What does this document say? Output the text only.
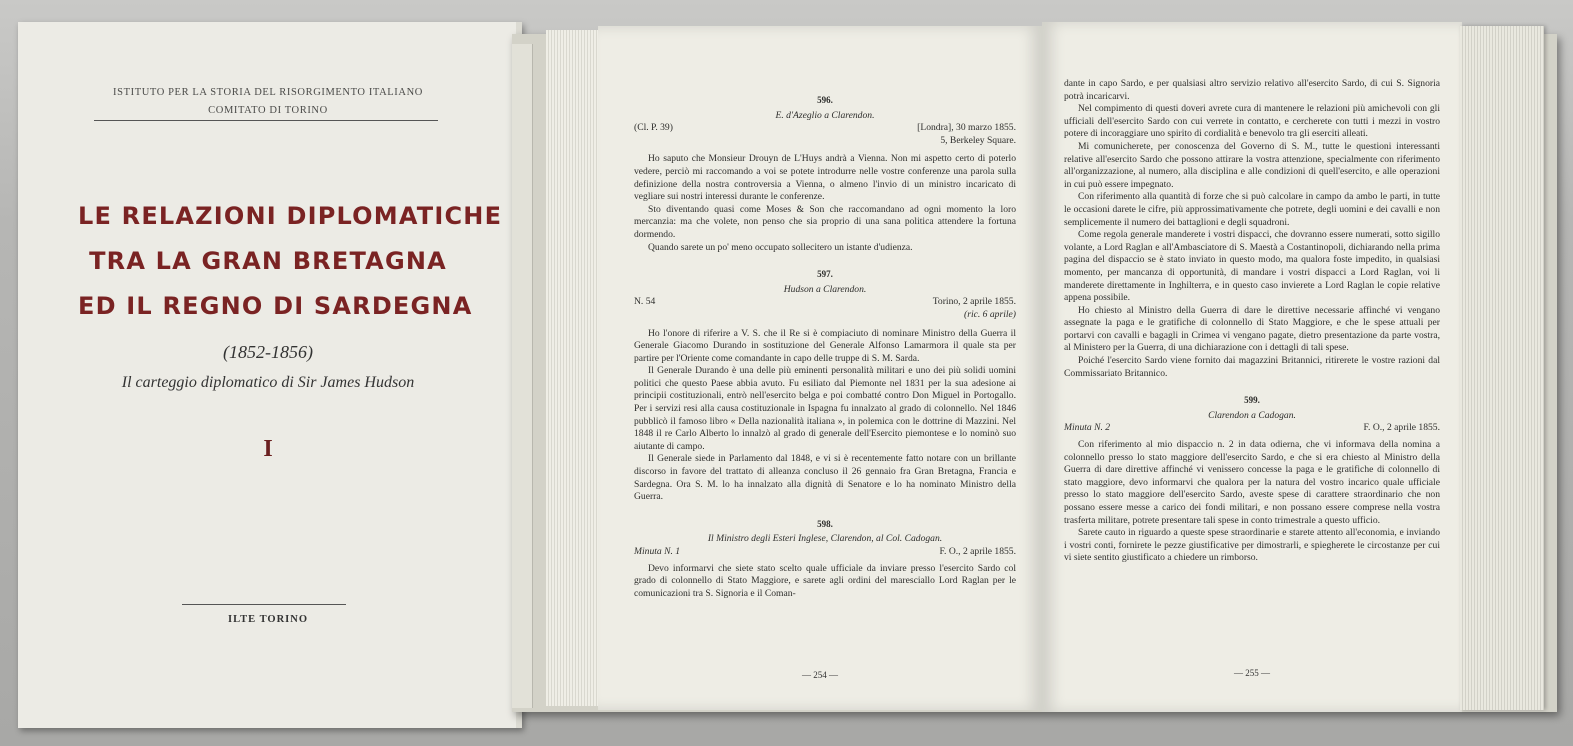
ISTITUTO PER LA STORIA DEL RISORGIMENTO ITALIANO
COMITATO DI TORINO
LE RELAZIONI DIPLOMATICHE
TRA LA GRAN BRETAGNA
ED IL REGNO DI SARDEGNA
(1852-1856)
Il carteggio diplomatico di Sir James Hudson
I
ILTE TORINO

596.

E. d'Azeglio a Clarendon.

(Cl. P. 39)	[Londra], 30 marzo 1855.

5, Berkeley Square.

Ho saputo che Monsieur Drouyn de L'Huys andrà a Vienna. Non mi aspetto certo di poterlo vedere, perciò mi raccomando a voi se potete introdurre nelle vostre conferenze una parola sulla definizione della nostra controversia a Vienna, o almeno l'invio di un ministro incaricato di vegliare sui nostri interessi durante le conferenze.

Sto diventando quasi come Moses & Son che raccomandano ad ogni momento la loro mercanzia: ma che volete, non penso che sia proprio di una sana politica attendere la fortuna dormendo.

Quando sarete un po' meno occupato sollecitero un istante d'udienza.

597.

Hudson a Clarendon.

N. 54	Torino, 2 aprile 1855.

(ric. 6 aprile)

Ho l'onore di riferire a V. S. che il Re si è compiaciuto di nominare Ministro della Guerra il Generale Giacomo Durando in sostituzione del Generale Alfonso Lamarmora il quale sta per partire per l'Oriente come comandante in capo delle truppe di S. M. Sarda.

Il Generale Durando è una delle più eminenti personalità militari e uno dei più solidi uomini politici che questo Paese abbia avuto. Fu esiliato dal Piemonte nel 1831 per la sua adesione ai principii costituzionali, entrò nell'esercito belga e poi combatté contro Don Miguel in Portogallo. Per i servizi resi alla causa costituzionale in Ispagna fu innalzato al grado di colonnello. Nel 1846 pubblicò il famoso libro « Della nazionalità italiana », in polemica con le dottrine di Mazzini. Nel 1848 il re Carlo Alberto lo innalzò al grado di generale dell'Esercito piemontese e lo nominò suo aiutante di campo.

Il Generale siede in Parlamento dal 1848, e vi si è recentemente fatto notare con un brillante discorso in favore del trattato di alleanza concluso il 26 gennaio fra Gran Bretagna, Francia e Sardegna. Ora S. M. lo ha innalzato alla dignità di Senatore e lo ha nominato Ministro della Guerra.

598.

Il Ministro degli Esteri Inglese, Clarendon, al Col. Cadogan.

Minuta N. 1	F. O., 2 aprile 1855.

Devo informarvi che siete stato scelto quale ufficiale da inviare presso l'esercito Sardo col grado di colonnello di Stato Maggiore, e sarete agli ordini del maresciallo Lord Raglan per le comunicazioni tra S. Signoria e il Coman-

— 254 —

dante in capo Sardo, e per qualsiasi altro servizio relativo all'esercito Sardo, di cui S. Signoria potrà incaricarvi.

Nel compimento di questi doveri avrete cura di mantenere le relazioni più amichevoli con gli ufficiali dell'esercito Sardo con cui verrete in contatto, e cercherete con tutti i mezzi in vostro potere di incoraggiare uno spirito di cordialità e benevolo tra gli eserciti alleati.

Mi comunicherete, per conoscenza del Governo di S. M., tutte le questioni interessanti relative all'esercito Sardo che possono attirare la vostra attenzione, specialmente con riferimento all'organizzazione, al numero, alla disciplina e alle condizioni di quell'esercito, e alle operazioni in cui può essere impegnato.

Con riferimento alla quantità di forze che si può calcolare in campo da ambo le parti, in tutte le occasioni darete le cifre, più approssimativamente che potrete, degli uomini e dei cavalli e non semplicemente il numero dei battaglioni e degli squadroni.

Come regola generale manderete i vostri dispacci, che dovranno essere numerati, sotto sigillo volante, a Lord Raglan e all'Ambasciatore di S. Maestà a Costantinopoli, dichiarando nella prima pagina del dispaccio se è stato inviato in questo modo, ma qualora foste impedito, in qualsiasi momento, per mancanza di opportunità, di mandare i vostri dispacci a Lord Raglan, voi li manderete direttamente in Inghilterra, e in questo caso invierete a Lord Raglan le copie relative appena possibile.

Ho chiesto al Ministro della Guerra di dare le direttive necessarie affinché vi vengano assegnate la paga e le gratifiche di colonnello di Stato Maggiore, e che le spese attuali per portarvi con cavalli e bagagli in Crimea vi vengano pagate, dietro presentazione da parte vostra, al Ministero per la Guerra, di una dichiarazione con i dettagli di tali spese.

Poiché l'esercito Sardo viene fornito dai magazzini Britannici, ritirerete le vostre razioni dal Commissariato Britannico.

599.

Clarendon a Cadogan.

Minuta N. 2	F. O., 2 aprile 1855.

Con riferimento al mio dispaccio n. 2 in data odierna, che vi informava della nomina a colonnello presso lo stato maggiore dell'esercito Sardo, e che si era chiesto al Ministro della Guerra di dare direttive affinché vi venissero concesse la paga e le gratifiche di colonnello di stato maggiore, devo informarvi che qualora per la natura del vostro incarico quale ufficiale presso lo stato maggiore dell'esercito Sardo, aveste spese di carattere straordinario che non possano essere messe a carico dei fondi militari, e non possano essere comprese nella vostra trasferta militare, potrete presentare tali spese in conto trimestrale a questo ufficio.

Sarete cauto in riguardo a queste spese straordinarie e starete attento all'economia, e inviando i vostri conti, fornirete le pezze giustificative per dimostrarli, e spiegherete le circostanze per cui vi siete sentito giustificato a chiedere un rimborso.

— 255 —
